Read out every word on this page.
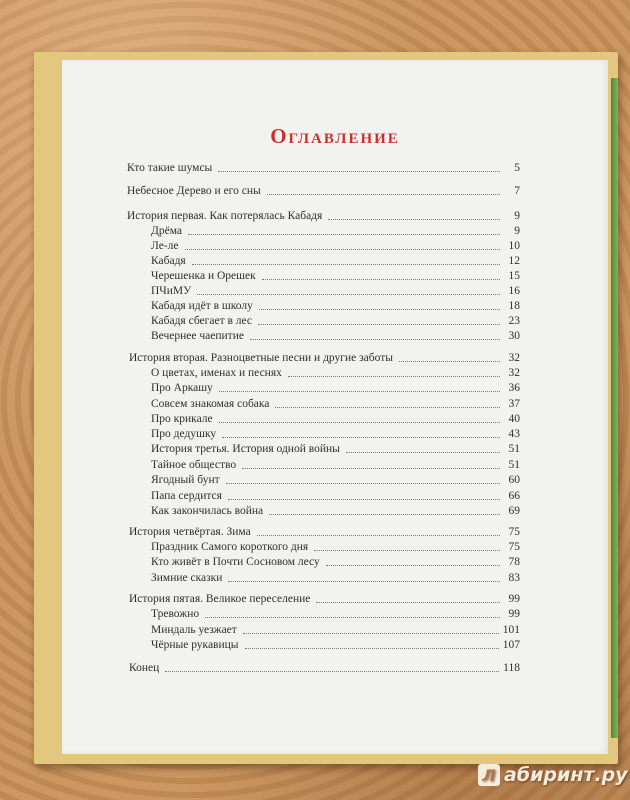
Оглавление
Кто такие шумсы	5
Небесное Дерево и его сны	7
История первая. Как потерялась Кабадя	9
Дрёма	9
Ле-ле	10
Кабадя	12
Черешенка и Орешек	15
ПЧиМУ	16
Кабадя идёт в школу	18
Кабадя сбегает в лес	23
Вечернее чаепитие	30
История вторая. Разноцветные песни и другие заботы	32
О цветах, именах и песнях	32
Про Аркашу	36
Совсем знакомая собака	37
Про крикале	40
Про дедушку	43
История третья. История одной войны	51
Тайное общество	51
Ягодный бунт	60
Папа сердится	66
Как закончилась война	69
История четвёртая. Зима	75
Праздник Самого короткого дня	75
Кто живёт в Почти Сосновом лесу	78
Зимние сказки	83
История пятая. Великое переселение	99
Тревожно	99
Миндаль уезжает	101
Чёрные рукавицы	107
Конец	118
Л абиринт.ру
